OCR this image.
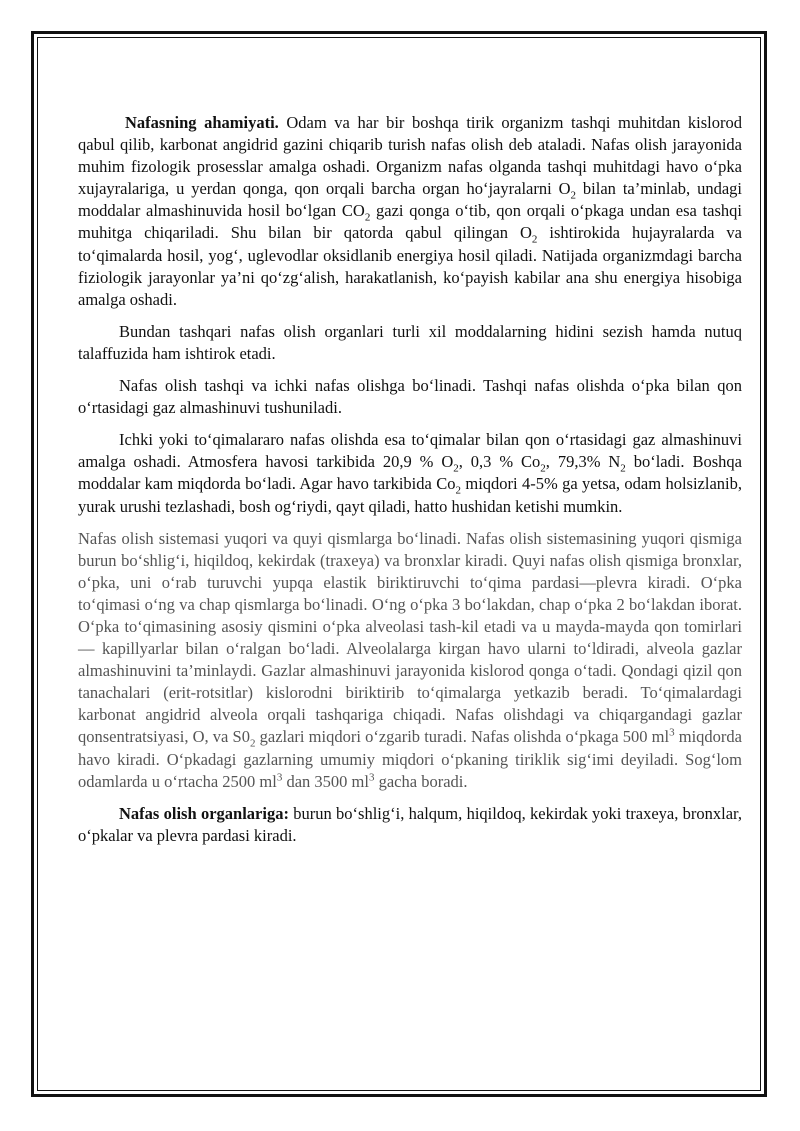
Nafasning ahamiyati. Odam va har bir boshqa tirik organizm tashqi muhitdan kislorod qabul qilib, karbonat angidrid gazini chiqarib turish nafas olish deb ataladi. Nafas olish jarayonida muhim fizologik prosesslar amalga oshadi. Organizm nafas olganda tashqi muhitdagi havo o‘pka xujayralariga, u yerdan qonga, qon orqali barcha organ ho‘jayralarni $O_2$ bilan ta’minlab, undagi moddalar almashinuvida hosil bo‘lgan $CO_2$ gazi qonga o‘tib, qon orqali o‘pkaga undan esa tashqi muhitga chiqariladi. Shu bilan bir qatorda qabul qilingan $O_2$ ishtirokida hujayralarda va to‘qimalarda hosil, yog‘, uglevodlar oksidlanib energiya hosil qiladi. Natijada organizmdagi barcha fiziologik jarayonlar ya’ni qo‘zg‘alish, harakatlanish, ko‘payish kabilar ana shu energiya hisobiga amalga oshadi.

Bundan tashqari nafas olish organlari turli xil moddalarning hidini sezish hamda nutuq talaffuzida ham ishtirok etadi.

Nafas olish tashqi va ichki nafas olishga bo‘linadi. Tashqi nafas olishda o‘pka bilan qon o‘rtasidagi gaz almashinuvi tushuniladi.

Ichki yoki to‘qimalararo nafas olishda esa to‘qimalar bilan qon o‘rtasidagi gaz almashinuvi amalga oshadi. Atmosfera havosi tarkibida 20,9 % $O_2$, 0,3 % $Co_2$, 79,3% $N_2$ bo‘ladi. Boshqa moddalar kam miqdorda bo‘ladi. Agar havo tarkibida $Co_2$ miqdori 4-5% ga yetsa, odam holsizlanib, yurak urushi tezlashadi, bosh og‘riydi, qayt qiladi, hatto hushidan ketishi mumkin.

Nafas olish sistemasi yuqori va quyi qismlarga bo‘linadi. Nafas olish sistemasining yuqori qismiga burun bo‘shlig‘i, hiqildoq, kekirdak (traxeya) va bronxlar kiradi. Quyi nafas olish qismiga bronxlar, o‘pka, uni o‘rab turuvchi yupqa elastik biriktiruvchi to‘qima pardasi—plevra kiradi. O‘pka to‘qimasi o‘ng va chap qismlarga bo‘linadi. O‘ng o‘pka 3 bo‘lakdan, chap o‘pka 2 bo‘lakdan iborat. O‘pka to‘qimasining asosiy qismini o‘pka alveolasi tash-kil etadi va u mayda-mayda qon tomirlari — kapillyarlar bilan o‘ralgan bo‘ladi. Alveolalarga kirgan havo ularni to‘ldiradi, alveola gazlar almashinuvini ta’minlaydi. Gazlar almashinuvi jarayonida kislorod qonga o‘tadi. Qondagi qizil qon tanachalari (erit-rotsitlar) kislorodni biriktirib to‘qimalarga yetkazib beradi. To‘qimalardagi karbonat angidrid alveola orqali tashqariga chiqadi. Nafas olishdagi va chiqargandagi gazlar qonsentratsiyasi, O, va $S0_2$ gazlari miqdori o‘zgarib turadi. Nafas olishda o‘pkaga 500 $ml^3$ miqdorda havo kiradi. O‘pkadagi gazlarning umumiy miqdori o‘pkaning tiriklik sig‘imi deyiladi. Sog‘lom odamlarda u o‘rtacha 2500 $ml^3$ dan 3500 $ml^3$ gacha boradi.

Nafas olish organlariga: burun bo‘shlig‘i, halqum, hiqildoq, kekirdak yoki traxeya, bronxlar, o‘pkalar va plevra pardasi kiradi.
